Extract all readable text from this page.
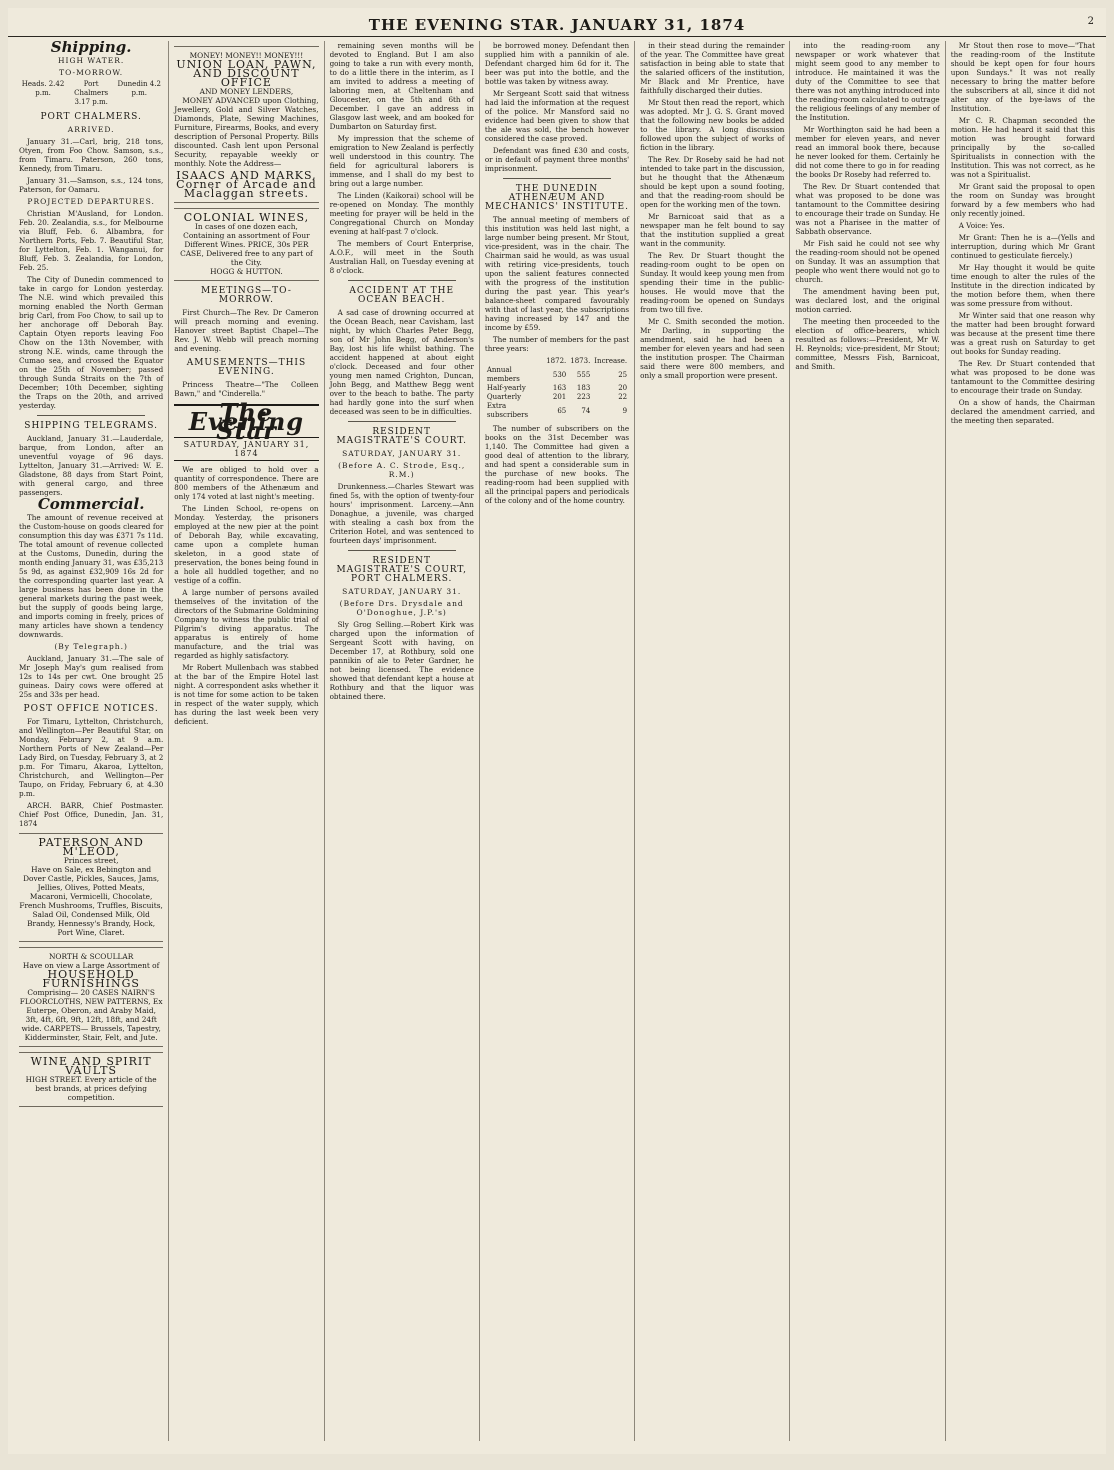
THE EVENING STAR. JANUARY 31, 1874	2
Shipping.
HIGH WATER.
TO-MORROW.
Heads. 2.42 p.m.
Port Chalmers 3.17 p.m.
Dunedin 4.2 p.m.
PORT CHALMERS.
ARRIVED.

January 31.—Carl, brig, 218 tons, Otyen, from Foo Chow. Samson, s.s., from Timaru. Paterson, 260 tons, Kennedy, from Timaru.

January 31.—Samson, s.s., 124 tons, Paterson, for Oamaru.

PROJECTED DEPARTURES.

Christian M'Ausland, for London. Feb. 20. Zealandia, s.s., for Melbourne via Bluff, Feb. 6. Albambra, for Northern Ports, Feb. 7. Beautiful Star, for Lyttelton, Feb. 1. Wanganui, for Bluff, Feb. 3. Zealandia, for London, Feb. 25.

The City of Dunedin commenced to take in cargo for London yesterday. The N.E. wind which prevailed this morning enabled the North German brig Carl, from Foo Chow, to sail up to her anchorage off Deborah Bay. Captain Otyen reports leaving Foo Chow on the 13th November, with strong N.E. winds, came through the Cumao sea, and crossed the Equator on the 25th of November; passed through Sunda Straits on the 7th of December; 10th December, sighting the Traps on the 20th, and arrived yesterday.

SHIPPING TELEGRAMS.

Auckland, January 31.—Lauderdale, barque, from London, after an uneventful voyage of 96 days. Lyttelton, January 31.—Arrived: W. E. Gladstone, 88 days from Start Point, with general cargo, and three passengers.

Commercial.

The amount of revenue received at the Custom-house on goods cleared for consumption this day was £371 7s 11d. The total amount of revenue collected at the Customs, Dunedin, during the month ending January 31, was £35,213 5s 9d, as against £32,909 16s 2d for the corresponding quarter last year. A large business has been done in the general markets during the past week, but the supply of goods being large, and imports coming in freely, prices of many articles have shown a tendency downwards.

(By Telegraph.)

Auckland, January 31.—The sale of Mr Joseph May's gum realised from 12s to 14s per cwt. One brought 25 guineas. Dairy cows were offered at 25s and 33s per head.

POST OFFICE NOTICES.

For Timaru, Lyttelton, Christchurch, and Wellington—Per Beautiful Star, on Monday, February 2, at 9 a.m. Northern Ports of New Zealand—Per Lady Bird, on Tuesday, February 3, at 2 p.m. For Timaru, Akaroa, Lyttelton, Christchurch, and Wellington—Per Taupo, on Friday, February 6, at 4.30 p.m.

ARCH. BARR, Chief Postmaster. Chief Post Office, Dunedin, Jan. 31, 1874

PATERSON AND M'LEOD,
Princes street,
Have on Sale, ex Bebington and Dover Castle, Pickles, Sauces, Jams, Jellies, Olives, Potted Meats, Macaroni, Vermicelli, Chocolate, French Mushrooms, Truffles, Biscuits, Salad Oil, Condensed Milk, Old Brandy, Hennessy's Brandy, Hock, Port Wine, Claret.
NORTH & SCOULLAR
Have on view a Large Assortment of
HOUSEHOLD FURNISHINGS
Comprising— 20 CASES NAIRN'S FLOORCLOTHS, NEW PATTERNS, Ex Euterpe, Oberon, and Araby Maid, 3ft, 4ft, 6ft, 9ft, 12ft, 18ft, and 24ft wide. CARPETS— Brussels, Tapestry, Kidderminster, Stair, Felt, and Jute.
WINE AND SPIRIT VAULTS
HIGH STREET. Every article of the best brands, at prices defying competition.
MONEY! MONEY!! MONEY!!!
UNION LOAN, PAWN, AND DISCOUNT OFFICE
AND MONEY LENDERS,

MONEY ADVANCED upon Clothing, Jewellery, Gold and Silver Watches, Diamonds, Plate, Sewing Machines, Furniture, Firearms, Books, and every description of Personal Property. Bills discounted. Cash lent upon Personal Security, repayable weekly or monthly. Note the Address—

ISAACS AND MARKS, Corner of Arcade and Maclaggan streets.
COLONIAL WINES,
In cases of one dozen each, Containing an assortment of Four Different Wines. PRICE, 30s PER CASE, Delivered free to any part of the City.
HOGG & HUTTON.
MEETINGS—TO-MORROW.

First Church—The Rev. Dr Cameron will preach morning and evening. Hanover street Baptist Chapel—The Rev. J. W. Webb will preach morning and evening.

AMUSEMENTS—THIS EVENING.

Princess Theatre—"The Colleen Bawn," and "Cinderella."

The Evening Star
SATURDAY, JANUARY 31, 1874

We are obliged to hold over a quantity of correspondence. There are 800 members of the Athenæum and only 174 voted at last night's meeting.

The Linden School, re-opens on Monday. Yesterday, the prisoners employed at the new pier at the point of Deborah Bay, while excavating, came upon a complete human skeleton, in a good state of preservation, the bones being found in a hole all huddled together, and no vestige of a coffin.

A large number of persons availed themselves of the invitation of the directors of the Submarine Goldmining Company to witness the public trial of Pilgrim's diving apparatus. The apparatus is entirely of home manufacture, and the trial was regarded as highly satisfactory.

Mr Robert Mullenbach was stabbed at the bar of the Empire Hotel last night. A correspondent asks whether it is not time for some action to be taken in respect of the water supply, which has during the last week been very deficient.

remaining seven months will be devoted to England. But I am also going to take a run with every month, to do a little there in the interim, as I am invited to address a meeting of laboring men, at Cheltenham and Gloucester, on the 5th and 6th of December. I gave an address in Glasgow last week, and am booked for Dumbarton on Saturday first.

My impression that the scheme of emigration to New Zealand is perfectly well understood in this country. The field for agricultural laborers is immense, and I shall do my best to bring out a large number.

The Linden (Kaikorai) school will be re-opened on Monday. The monthly meeting for prayer will be held in the Congregational Church on Monday evening at half-past 7 o'clock.

The members of Court Enterprise, A.O.F., will meet in the South Australian Hall, on Tuesday evening at 8 o'clock.

ACCIDENT AT THE OCEAN BEACH.

A sad case of drowning occurred at the Ocean Beach, near Cavisham, last night, by which Charles Peter Begg, son of Mr John Begg, of Anderson's Bay, lost his life whilst bathing. The accident happened at about eight o'clock. Deceased and four other young men named Crighton, Duncan, John Begg, and Matthew Begg went over to the beach to bathe. The party had hardly gone into the surf when deceased was seen to be in difficulties.

RESIDENT MAGISTRATE'S COURT.
SATURDAY, JANUARY 31.
(Before A. C. Strode, Esq., R.M.)

Drunkenness.—Charles Stewart was fined 5s, with the option of twenty-four hours' imprisonment. Larceny.—Ann Donaghue, a juvenile, was charged with stealing a cash box from the Criterion Hotel, and was sentenced to fourteen days' imprisonment.

RESIDENT MAGISTRATE'S COURT, PORT CHALMERS.
SATURDAY, JANUARY 31.
(Before Drs. Drysdale and O'Donoghue, J.P.'s)

Sly Grog Selling.—Robert Kirk was charged upon the information of Sergeant Scott with having, on December 17, at Rothbury, sold one pannikin of ale to Peter Gardner, he not being licensed. The evidence showed that defendant kept a house at Rothbury and that the liquor was obtained there.

be borrowed money. Defendant then supplied him with a pannikin of ale. Defendant charged him 6d for it. The beer was put into the bottle, and the bottle was taken by witness away.

Mr Sergeant Scott said that witness had laid the information at the request of the police. Mr Mansford said no evidence had been given to show that the ale was sold, the bench however considered the case proved.

Defendant was fined £30 and costs, or in default of payment three months' imprisonment.

THE DUNEDIN ATHENÆUM AND MECHANICS' INSTITUTE.

The annual meeting of members of this institution was held last night, a large number being present. Mr Stout, vice-president, was in the chair. The Chairman said he would, as was usual with retiring vice-presidents, touch upon the salient features connected with the progress of the institution during the past year. This year's balance-sheet compared favourably with that of last year, the subscriptions having increased by 147 and the income by £59.

The number of members for the past three years:

	1872.	1873.	Increase.
Annual members	530	555	25
Half-yearly	163	183	20
Quarterly	201	223	22
Extra subscribers	65	74	9

The number of subscribers on the books on the 31st December was 1,140. The Committee had given a good deal of attention to the library, and had spent a considerable sum in the purchase of new books. The reading-room had been supplied with all the principal papers and periodicals of the colony and of the home country.

in their stead during the remainder of the year. The Committee have great satisfaction in being able to state that the salaried officers of the institution, Mr Black and Mr Prentice, have faithfully discharged their duties.

Mr Stout then read the report, which was adopted. Mr J. G. S. Grant moved that the following new books be added to the library. A long discussion followed upon the subject of works of fiction in the library.

The Rev. Dr Roseby said he had not intended to take part in the discussion, but he thought that the Athenæum should be kept upon a sound footing, and that the reading-room should be open for the working men of the town.

Mr Barnicoat said that as a newspaper man he felt bound to say that the institution supplied a great want in the community.

The Rev. Dr Stuart thought the reading-room ought to be open on Sunday. It would keep young men from spending their time in the public-houses. He would move that the reading-room be opened on Sundays from two till five.

Mr C. Smith seconded the motion. Mr Darling, in supporting the amendment, said he had been a member for eleven years and had seen the institution prosper. The Chairman said there were 800 members, and only a small proportion were present.

into the reading-room any newspaper or work whatever that might seem good to any member to introduce. He maintained it was the duty of the Committee to see that there was not anything introduced into the reading-room calculated to outrage the religious feelings of any member of the Institution.

Mr Worthington said he had been a member for eleven years, and never read an immoral book there, because he never looked for them. Certainly he did not come there to go in for reading the books Dr Roseby had referred to.

The Rev. Dr Stuart contended that what was proposed to be done was tantamount to the Committee desiring to encourage their trade on Sunday. He was not a Pharisee in the matter of Sabbath observance.

Mr Fish said he could not see why the reading-room should not be opened on Sunday. It was an assumption that people who went there would not go to church.

The amendment having been put, was declared lost, and the original motion carried.

The meeting then proceeded to the election of office-bearers, which resulted as follows:—President, Mr W. H. Reynolds; vice-president, Mr Stout; committee, Messrs Fish, Barnicoat, and Smith.

Mr Stout then rose to move—"That the reading-room of the Institute should be kept open for four hours upon Sundays." It was not really necessary to bring the matter before the subscribers at all, since it did not alter any of the bye-laws of the Institution.

Mr C. R. Chapman seconded the motion. He had heard it said that this motion was brought forward principally by the so-called Spiritualists in connection with the Institution. This was not correct, as he was not a Spiritualist.

Mr Grant said the proposal to open the room on Sunday was brought forward by a few members who had only recently joined.

A Voice: Yes.

Mr Grant: Then he is a—(Yells and interruption, during which Mr Grant continued to gesticulate fiercely.)

Mr Hay thought it would be quite time enough to alter the rules of the Institute in the direction indicated by the motion before them, when there was some pressure from without.

Mr Winter said that one reason why the matter had been brought forward was because at the present time there was a great rush on Saturday to get out books for Sunday reading.

The Rev. Dr Stuart contended that what was proposed to be done was tantamount to the Committee desiring to encourage their trade on Sunday.

On a show of hands, the Chairman declared the amendment carried, and the meeting then separated.
